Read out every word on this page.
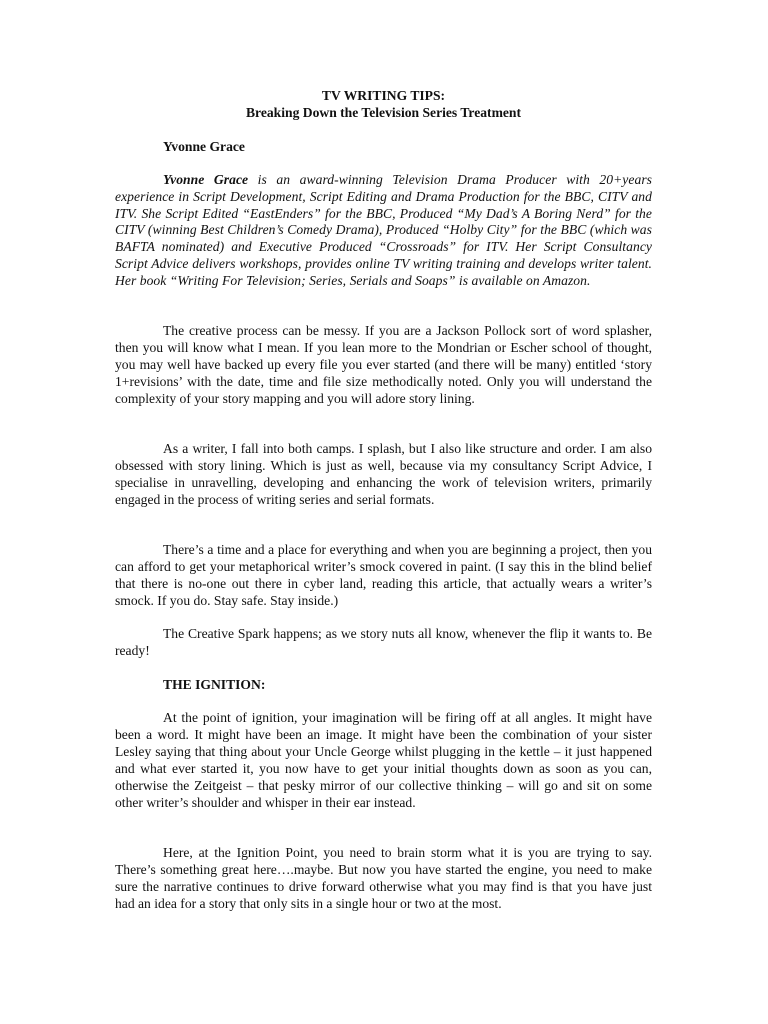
TV WRITING TIPS:

Breaking Down the Television Series Treatment

Yvonne Grace

Yvonne Grace is an award-winning Television Drama Producer with 20+years experience in Script Development, Script Editing and Drama Production for the BBC, CITV and ITV. She Script Edited “EastEnders” for the BBC, Produced “My Dad’s A Boring Nerd” for the CITV (winning Best Children’s Comedy Drama), Produced “Holby City” for the BBC (which was BAFTA nominated) and Executive Produced “Crossroads” for ITV. Her Script Consultancy Script Advice delivers workshops, provides online TV writing training and develops writer talent. Her book “Writing For Television; Series, Serials and Soaps” is available on Amazon.

The creative process can be messy. If you are a Jackson Pollock sort of word splasher, then you will know what I mean. If you lean more to the Mondrian or Escher school of thought, you may well have backed up every file you ever started (and there will be many) entitled ‘story 1+revisions’ with the date, time and file size methodically noted. Only you will understand the complexity of your story mapping and you will adore story lining.

As a writer, I fall into both camps. I splash, but I also like structure and order. I am also obsessed with story lining. Which is just as well, because via my consultancy Script Advice, I specialise in unravelling, developing and enhancing the work of television writers, primarily engaged in the process of writing series and serial formats.

There’s a time and a place for everything and when you are beginning a project, then you can afford to get your metaphorical writer’s smock covered in paint. (I say this in the blind belief that there is no-one out there in cyber land, reading this article, that actually wears a writer’s smock. If you do. Stay safe. Stay inside.)

The Creative Spark happens; as we story nuts all know, whenever the flip it wants to. Be ready!

THE IGNITION:

At the point of ignition, your imagination will be firing off at all angles. It might have been a word. It might have been an image. It might have been the combination of your sister Lesley saying that thing about your Uncle George whilst plugging in the kettle – it just happened and what ever started it, you now have to get your initial thoughts down as soon as you can, otherwise the Zeitgeist – that pesky mirror of our collective thinking – will go and sit on some other writer’s shoulder and whisper in their ear instead.

Here, at the Ignition Point, you need to brain storm what it is you are trying to say. There’s something great here….maybe. But now you have started the engine, you need to make sure the narrative continues to drive forward otherwise what you may find is that you have just had an idea for a story that only sits in a single hour or two at the most.
